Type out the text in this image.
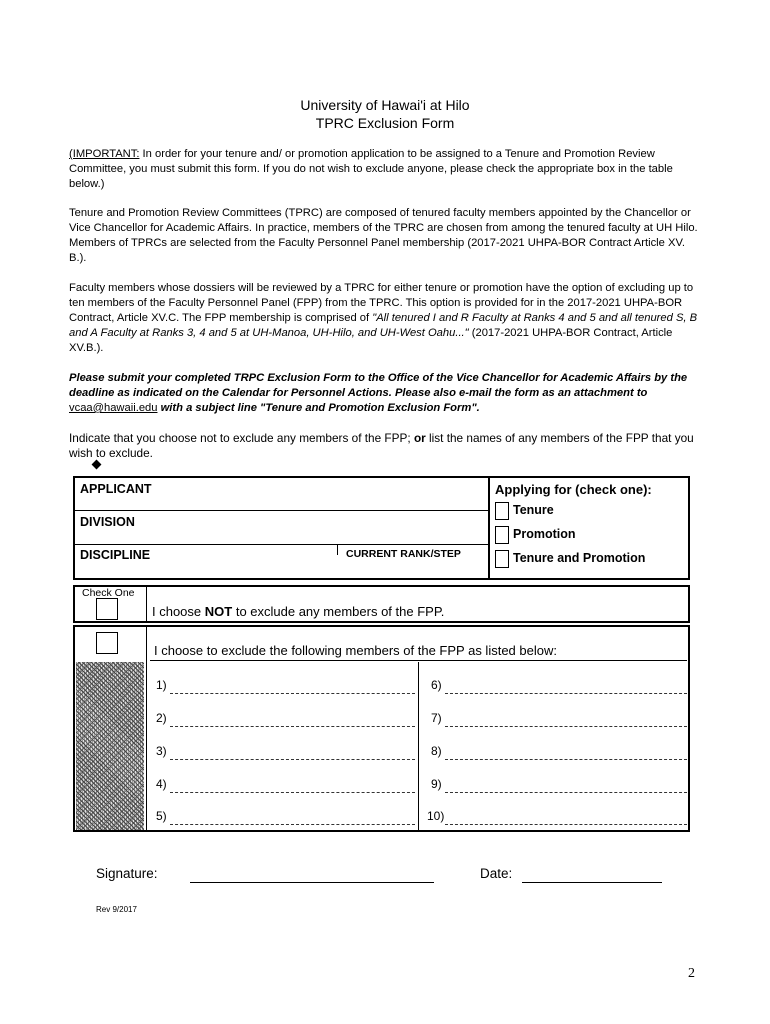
University of Hawai'i at Hilo
TPRC Exclusion Form
(IMPORTANT: In order for your tenure and/ or promotion application to be assigned to a Tenure and Promotion Review Committee, you must submit this form. If you do not wish to exclude anyone, please check the appropriate box in the table below.)
Tenure and Promotion Review Committees (TPRC) are composed of tenured faculty members appointed by the Chancellor or Vice Chancellor for Academic Affairs. In practice, members of the TPRC are chosen from among the tenured faculty at UH Hilo. Members of TPRCs are selected from the Faculty Personnel Panel membership (2017-2021 UHPA-BOR Contract Article XV. B.).
Faculty members whose dossiers will be reviewed by a TPRC for either tenure or promotion have the option of excluding up to ten members of the Faculty Personnel Panel (FPP) from the TPRC. This option is provided for in the 2017-2021 UHPA-BOR Contract, Article XV.C. The FPP membership is comprised of "All tenured I and R Faculty at Ranks 4 and 5 and all tenured S, B and A Faculty at Ranks 3, 4 and 5 at UH-Manoa, UH-Hilo, and UH-West Oahu..." (2017-2021 UHPA-BOR Contract, Article XV.B.).
Please submit your completed TRPC Exclusion Form to the Office of the Vice Chancellor for Academic Affairs by the deadline as indicated on the Calendar for Personnel Actions. Please also e-mail the form as an attachment to vcaa@hawaii.edu with a subject line "Tenure and Promotion Exclusion Form".
Indicate that you choose not to exclude any members of the FPP; or list the names of any members of the FPP that you wish to exclude.
APPLICANT
DIVISION
DISCIPLINE	CURRENT RANK/STEP
Applying for (check one):
Tenure
Promotion
Tenure and Promotion
Check One
I choose NOT to exclude any members of the FPP.
I choose to exclude the following members of the FPP as listed below:
1)
2)
3)
4)
5)
6)
7)
8)
9)
10)
Signature:	Date:
Rev 9/2017
2
